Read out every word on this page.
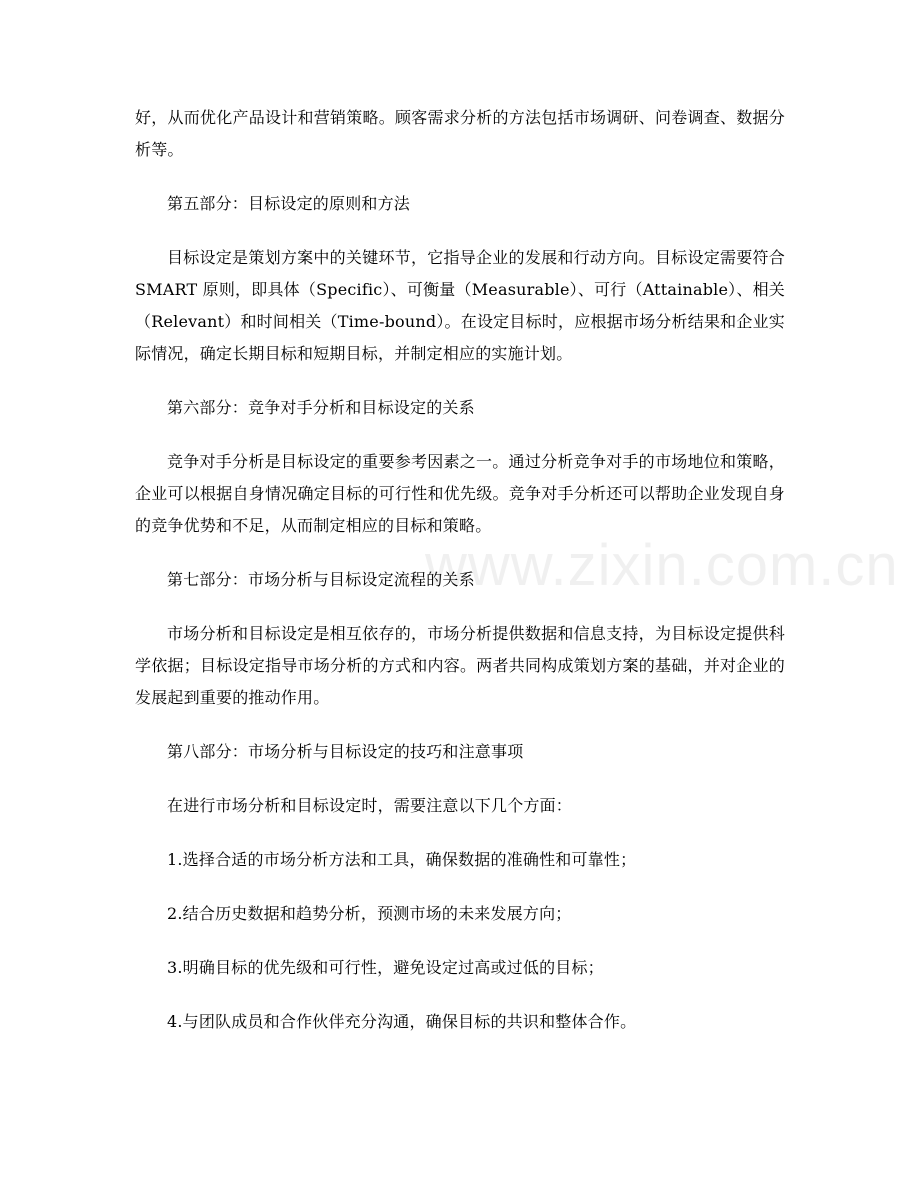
www.zixin.com.cn

好，从而优化产品设计和营销策略。顾客需求分析的方法包括市场调研、问卷调查、数据分析等。

第五部分：目标设定的原则和方法

目标设定是策划方案中的关键环节，它指导企业的发展和行动方向。目标设定需要符合 SMART 原则，即具体（Specific）、可衡量（Measurable）、可行（Attainable）、相关（Relevant）和时间相关（Time-bound）。在设定目标时，应根据市场分析结果和企业实际情况，确定长期目标和短期目标，并制定相应的实施计划。

第六部分：竞争对手分析和目标设定的关系

竞争对手分析是目标设定的重要参考因素之一。通过分析竞争对手的市场地位和策略，企业可以根据自身情况确定目标的可行性和优先级。竞争对手分析还可以帮助企业发现自身的竞争优势和不足，从而制定相应的目标和策略。

第七部分：市场分析与目标设定流程的关系

市场分析和目标设定是相互依存的，市场分析提供数据和信息支持，为目标设定提供科学依据；目标设定指导市场分析的方式和内容。两者共同构成策划方案的基础，并对企业的发展起到重要的推动作用。

第八部分：市场分析与目标设定的技巧和注意事项

在进行市场分析和目标设定时，需要注意以下几个方面：

1.选择合适的市场分析方法和工具，确保数据的准确性和可靠性；

2.结合历史数据和趋势分析，预测市场的未来发展方向；

3.明确目标的优先级和可行性，避免设定过高或过低的目标；

4.与团队成员和合作伙伴充分沟通，确保目标的共识和整体合作。
